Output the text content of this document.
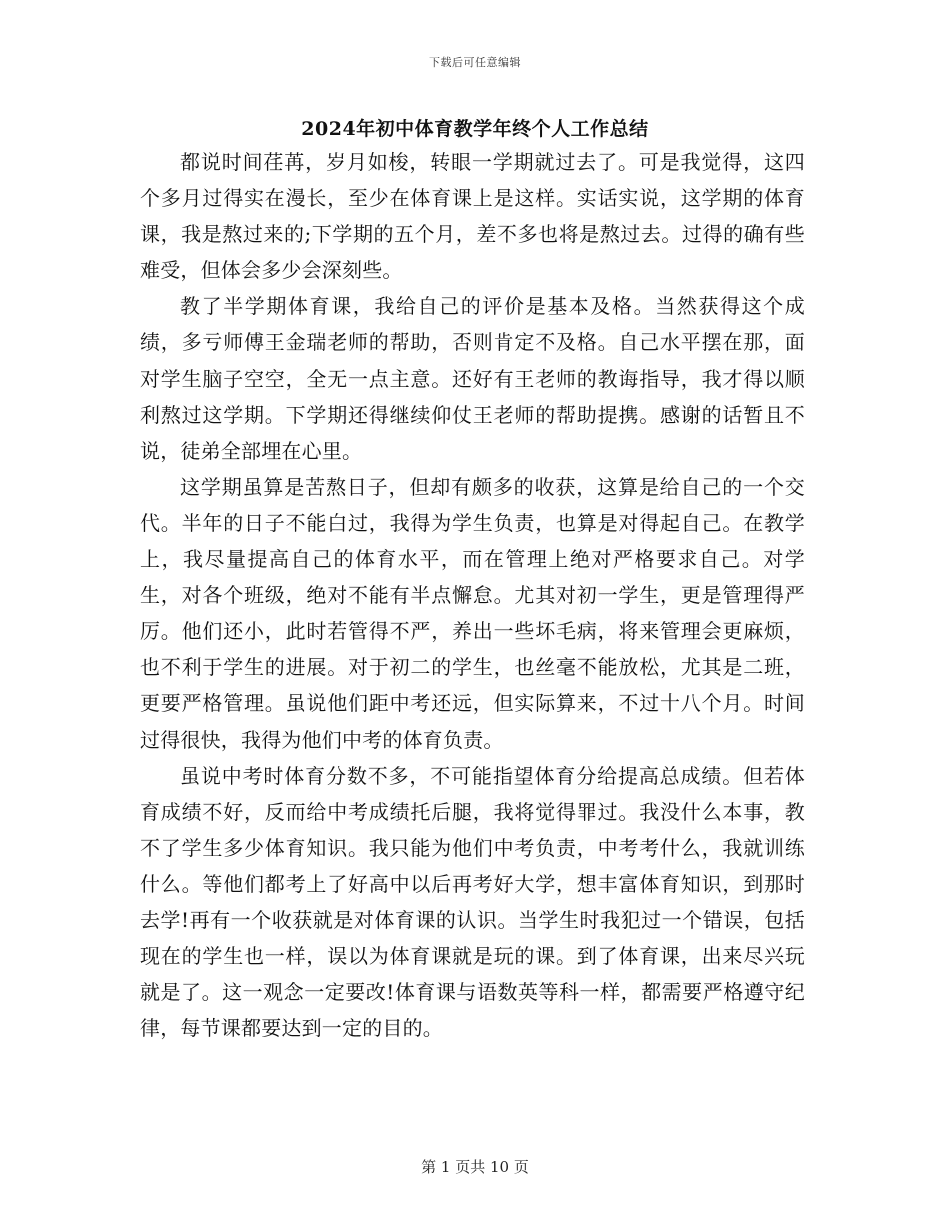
下载后可任意编辑
2024年初中体育教学年终个人工作总结

都说时间荏苒，岁月如梭，转眼一学期就过去了。可是我觉得，这四个多月过得实在漫长，至少在体育课上是这样。实话实说，这学期的体育课，我是熬过来的;下学期的五个月，差不多也将是熬过去。过得的确有些难受，但体会多少会深刻些。

教了半学期体育课，我给自己的评价是基本及格。当然获得这个成绩，多亏师傅王金瑞老师的帮助，否则肯定不及格。自己水平摆在那，面对学生脑子空空，全无一点主意。还好有王老师的教诲指导，我才得以顺利熬过这学期。下学期还得继续仰仗王老师的帮助提携。感谢的话暂且不说，徒弟全部埋在心里。

这学期虽算是苦熬日子，但却有颇多的收获，这算是给自己的一个交代。半年的日子不能白过，我得为学生负责，也算是对得起自己。在教学上，我尽量提高自己的体育水平，而在管理上绝对严格要求自己。对学生，对各个班级，绝对不能有半点懈怠。尤其对初一学生，更是管理得严厉。他们还小，此时若管得不严，养出一些坏毛病，将来管理会更麻烦，也不利于学生的进展。对于初二的学生，也丝毫不能放松，尤其是二班，更要严格管理。虽说他们距中考还远，但实际算来，不过十八个月。时间过得很快，我得为他们中考的体育负责。

虽说中考时体育分数不多，不可能指望体育分给提高总成绩。但若体育成绩不好，反而给中考成绩托后腿，我将觉得罪过。我没什么本事，教不了学生多少体育知识。我只能为他们中考负责，中考考什么，我就训练什么。等他们都考上了好高中以后再考好大学，想丰富体育知识，到那时去学!再有一个收获就是对体育课的认识。当学生时我犯过一个错误，包括现在的学生也一样，误以为体育课就是玩的课。到了体育课，出来尽兴玩就是了。这一观念一定要改!体育课与语数英等科一样，都需要严格遵守纪律，每节课都要达到一定的目的。

第 1 页共 10 页
